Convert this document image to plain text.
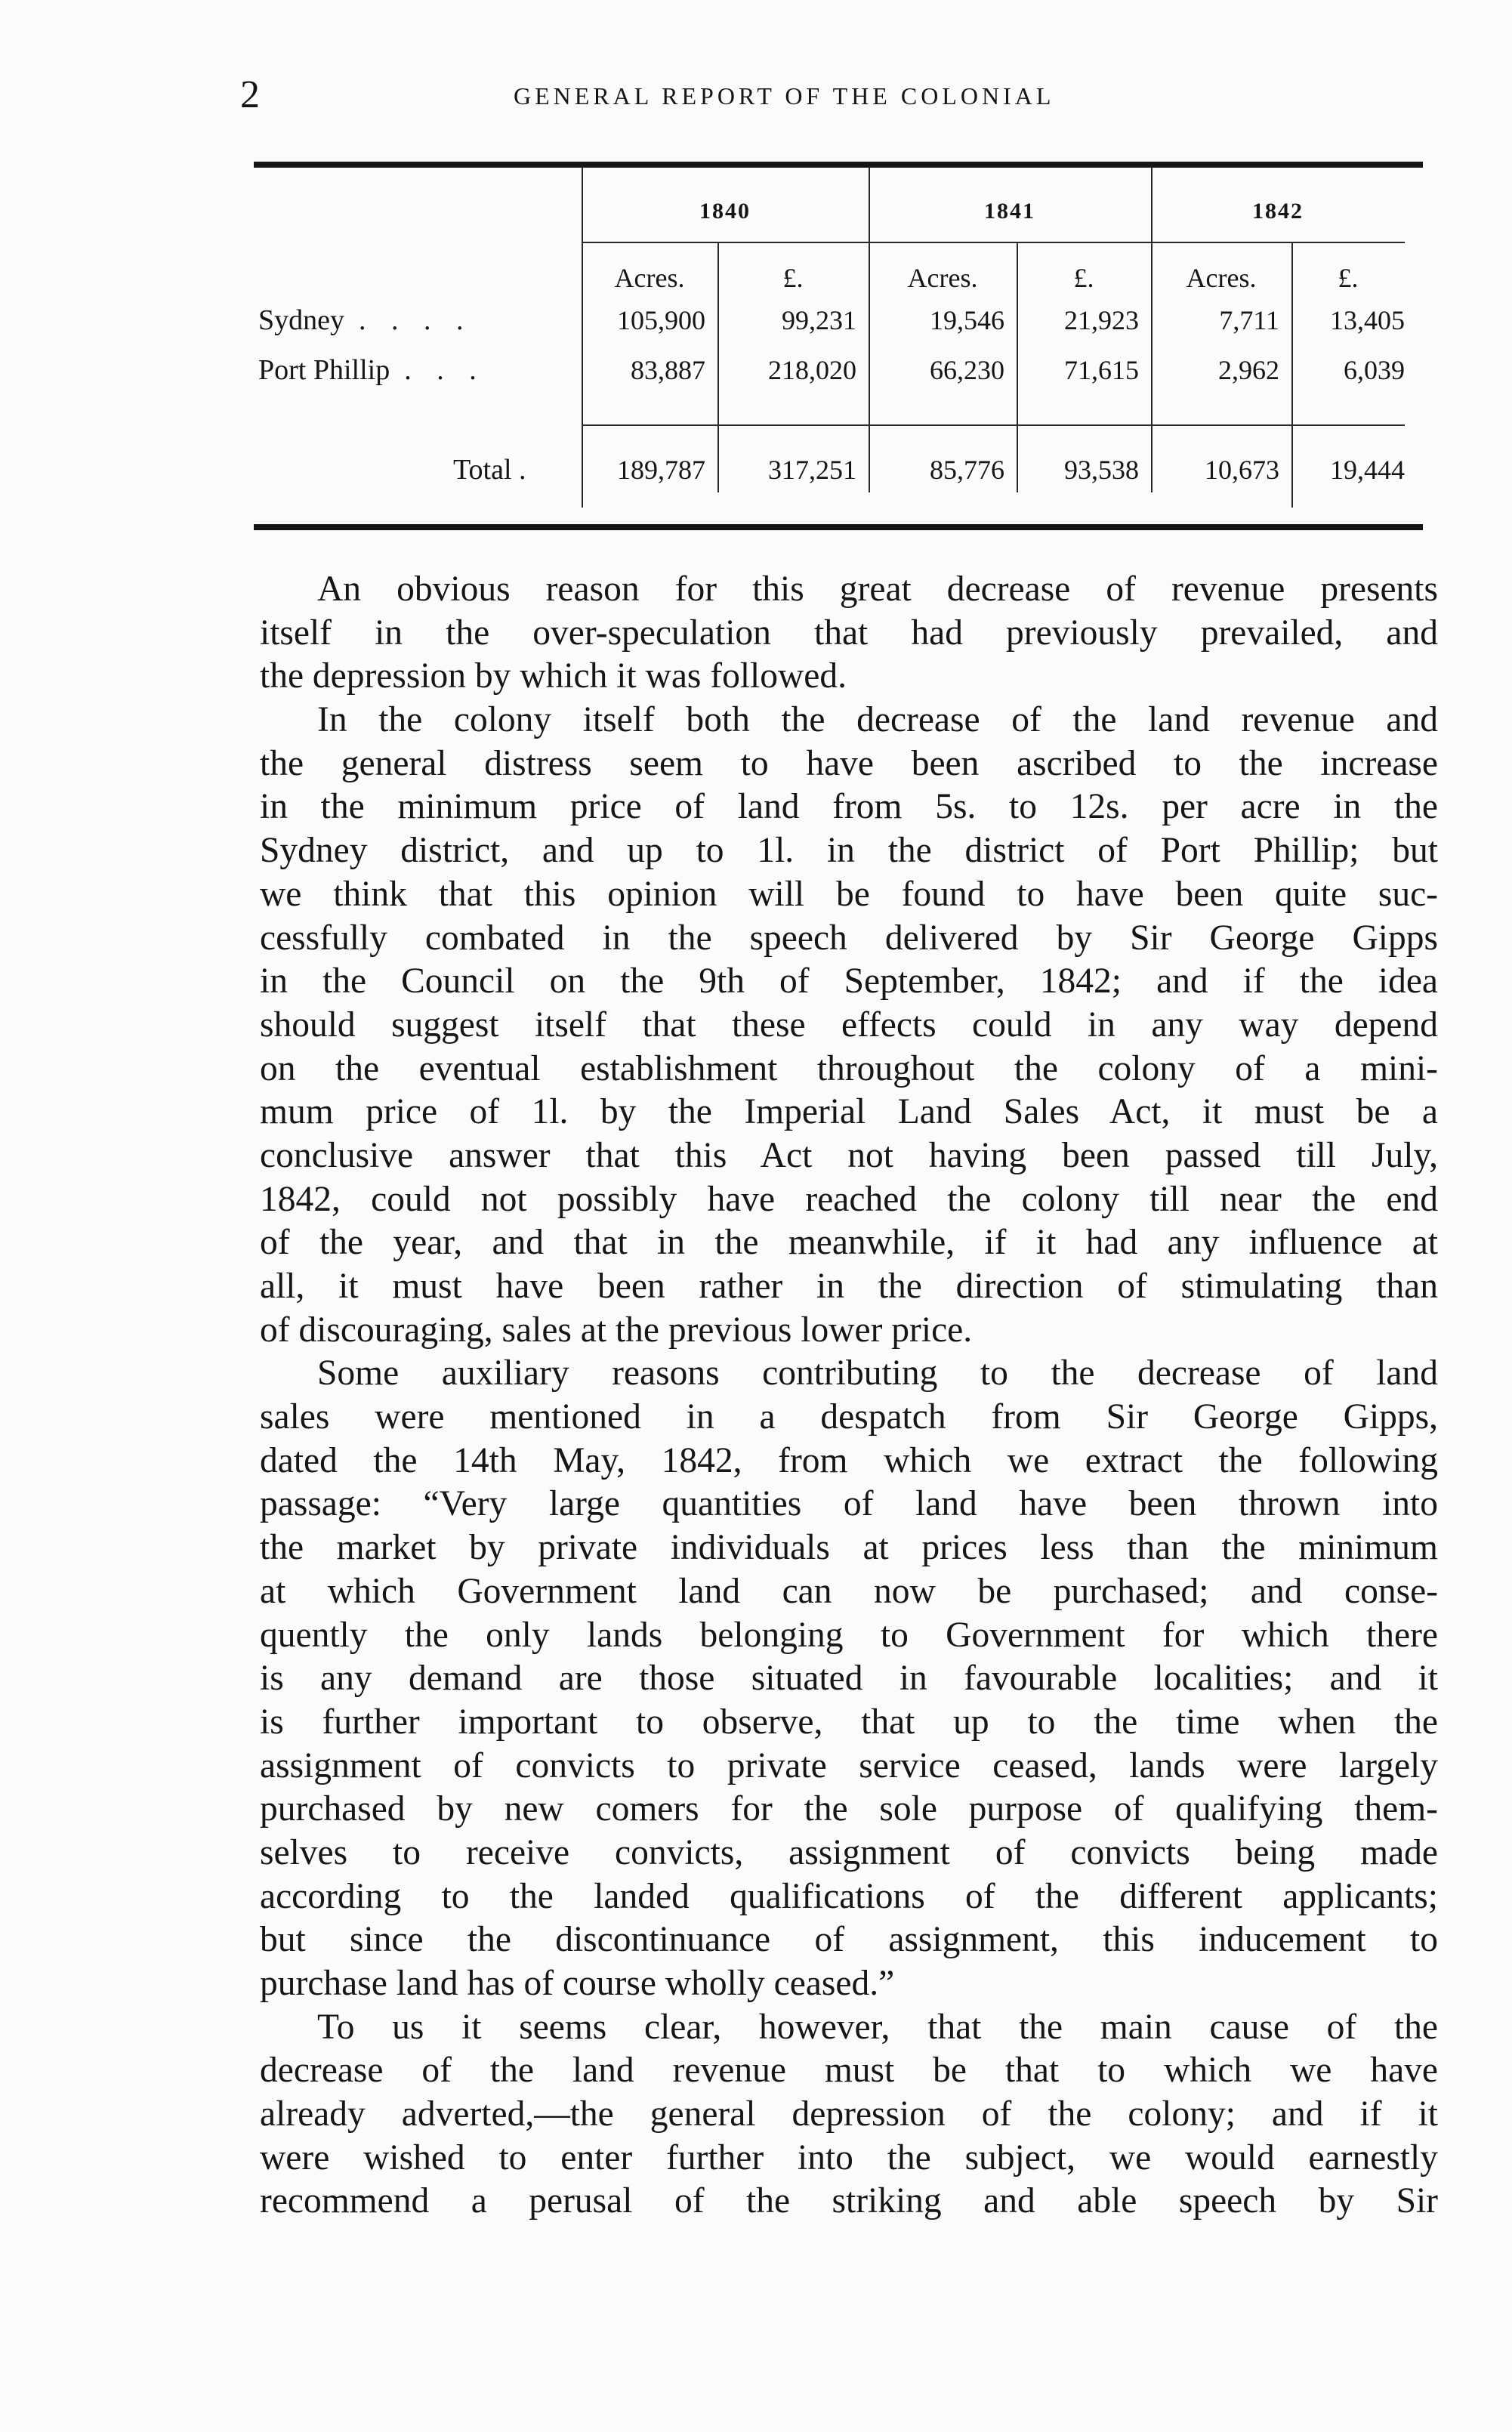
2	GENERAL REPORT OF THE COLONIAL
1840	1841	1842
Acres.	£.	Acres.	£.	Acres.	£.
Sydney . . . .	105,900	99,231	19,546	21,923	7,711	13,405
Port Phillip . . .	83,887	218,020	66,230	71,615	2,962	6,039
Total .	189,787	317,251	85,776	93,538	10,673	19,444
An obvious reason for this great decrease of revenue presents
itself in the over-speculation that had previously prevailed, and
the depression by which it was followed.
In the colony itself both the decrease of the land revenue and
the general distress seem to have been ascribed to the increase
in the minimum price of land from 5s. to 12s. per acre in the
Sydney district, and up to 1l. in the district of Port Phillip; but
we think that this opinion will be found to have been quite suc-
cessfully combated in the speech delivered by Sir George Gipps
in the Council on the 9th of September, 1842; and if the idea
should suggest itself that these effects could in any way depend
on the eventual establishment throughout the colony of a mini-
mum price of 1l. by the Imperial Land Sales Act, it must be a
conclusive answer that this Act not having been passed till July,
1842, could not possibly have reached the colony till near the end
of the year, and that in the meanwhile, if it had any influence at
all, it must have been rather in the direction of stimulating than
of discouraging, sales at the previous lower price.
Some auxiliary reasons contributing to the decrease of land
sales were mentioned in a despatch from Sir George Gipps,
dated the 14th May, 1842, from which we extract the following
passage: “Very large quantities of land have been thrown into
the market by private individuals at prices less than the minimum
at which Government land can now be purchased; and conse-
quently the only lands belonging to Government for which there
is any demand are those situated in favourable localities; and it
is further important to observe, that up to the time when the
assignment of convicts to private service ceased, lands were largely
purchased by new comers for the sole purpose of qualifying them-
selves to receive convicts, assignment of convicts being made
according to the landed qualifications of the different applicants;
but since the discontinuance of assignment, this inducement to
purchase land has of course wholly ceased.”
To us it seems clear, however, that the main cause of the
decrease of the land revenue must be that to which we have
already adverted,—the general depression of the colony; and if it
were wished to enter further into the subject, we would earnestly
recommend a perusal of the striking and able speech by Sir
